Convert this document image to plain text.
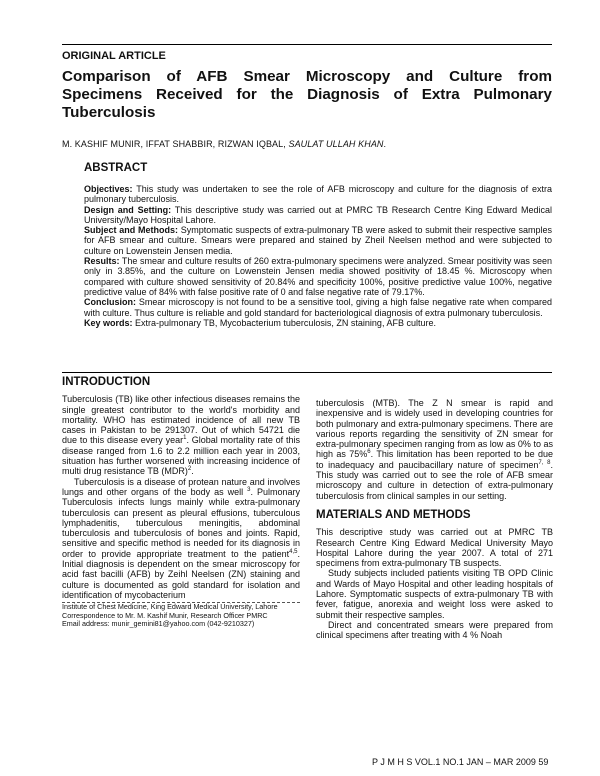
ORIGINAL ARTICLE
Comparison of AFB Smear Microscopy and Culture from Specimens Received for the Diagnosis of Extra Pulmonary Tuberculosis
M. KASHIF MUNIR, IFFAT SHABBIR, RIZWAN IQBAL, SAULAT ULLAH KHAN.
ABSTRACT

Objectives: This study was undertaken to see the role of AFB microscopy and culture for the diagnosis of extra pulmonary tuberculosis.

Design and Setting: This descriptive study was carried out at PMRC TB Research Centre King Edward Medical University/Mayo Hospital Lahore.

Subject and Methods: Symptomatic suspects of extra-pulmonary TB were asked to submit their respective samples for AFB smear and culture. Smears were prepared and stained by Zheil Neelsen method and were subjected to culture on Lowenstein Jensen media.

Results: The smear and culture results of 260 extra-pulmonary specimens were analyzed. Smear positivity was seen only in 3.85%, and the culture on Lowenstein Jensen media showed positivity of 18.45 %. Microscopy when compared with culture showed sensitivity of 20.84% and specificity 100%, positive predictive value 100%, negative predictive value of 84% with false positive rate of 0 and false negative rate of 79.17%.

Conclusion: Smear microscopy is not found to be a sensitive tool, giving a high false negative rate when compared with culture. Thus culture is reliable and gold standard for bacteriological diagnosis of extra pulmonary tuberculosis.

Key words: Extra-pulmonary TB, Mycobacterium tuberculosis, ZN staining, AFB culture.

INTRODUCTION

Tuberculosis (TB) like other infectious diseases remains the single greatest contributor to the world's morbidity and mortality. WHO has estimated incidence of all new TB cases in Pakistan to be 291307. Out of which 54721 die due to this disease every year$^1$. Global mortality rate of this disease ranged from 1.6 to 2.2 million each year in 2003, situation has further worsened with increasing incidence of multi drug resistance TB (MDR)$^2$.

Tuberculosis is a disease of protean nature and involves lungs and other organs of the body as well $^3$. Pulmonary Tuberculosis infects lungs mainly while extra-pulmonary tuberculosis can present as pleural effusions, tuberculous lymphadenitis, tuberculous meningitis, abdominal tuberculosis and tuberculosis of bones and joints. Rapid, sensitive and specific method is needed for its diagnosis in order to provide appropriate treatment to the patient$^{4,5}$. Initial diagnosis is dependent on the smear microscopy for acid fast bacilli (AFB) by Zeihl Neelsen (ZN) staining and culture is documented as gold standard for isolation and identification of mycobacterium

Institute of Chest Medicine, King Edward Medical University, Lahore

Correspondence to Mr. M. Kashif Munir, Research Officer PMRC

Email address: munir_gemini81@yahoo.com (042-9210327)

tuberculosis (MTB). The Z N smear is rapid and inexpensive and is widely used in developing countries for both pulmonary and extra-pulmonary specimens. There are various reports regarding the sensitivity of ZN smear for extra-pulmonary specimen ranging from as low as 0% to as high as 75%$^6$. This limitation has been reported to be due to inadequacy and paucibacillary nature of specimen$^{7, 8}$. This study was carried out to see the role of AFB smear microscopy and culture in detection of extra-pulmonary tuberculosis from clinical samples in our setting.

MATERIALS AND METHODS

This descriptive study was carried out at PMRC TB Research Centre King Edward Medical University Mayo Hospital Lahore during the year 2007. A total of 271 specimens from extra-pulmonary TB suspects.

Study subjects included patients visiting TB OPD Clinic and Wards of Mayo Hospital and other leading hospitals of Lahore. Symptomatic suspects of extra-pulmonary TB with fever, fatigue, anorexia and weight loss were asked to submit their respective samples.

Direct and concentrated smears were prepared from clinical specimens after treating with 4 % Noah

P J M H S VOL.1 NO.1 JAN – MAR 2009 59
